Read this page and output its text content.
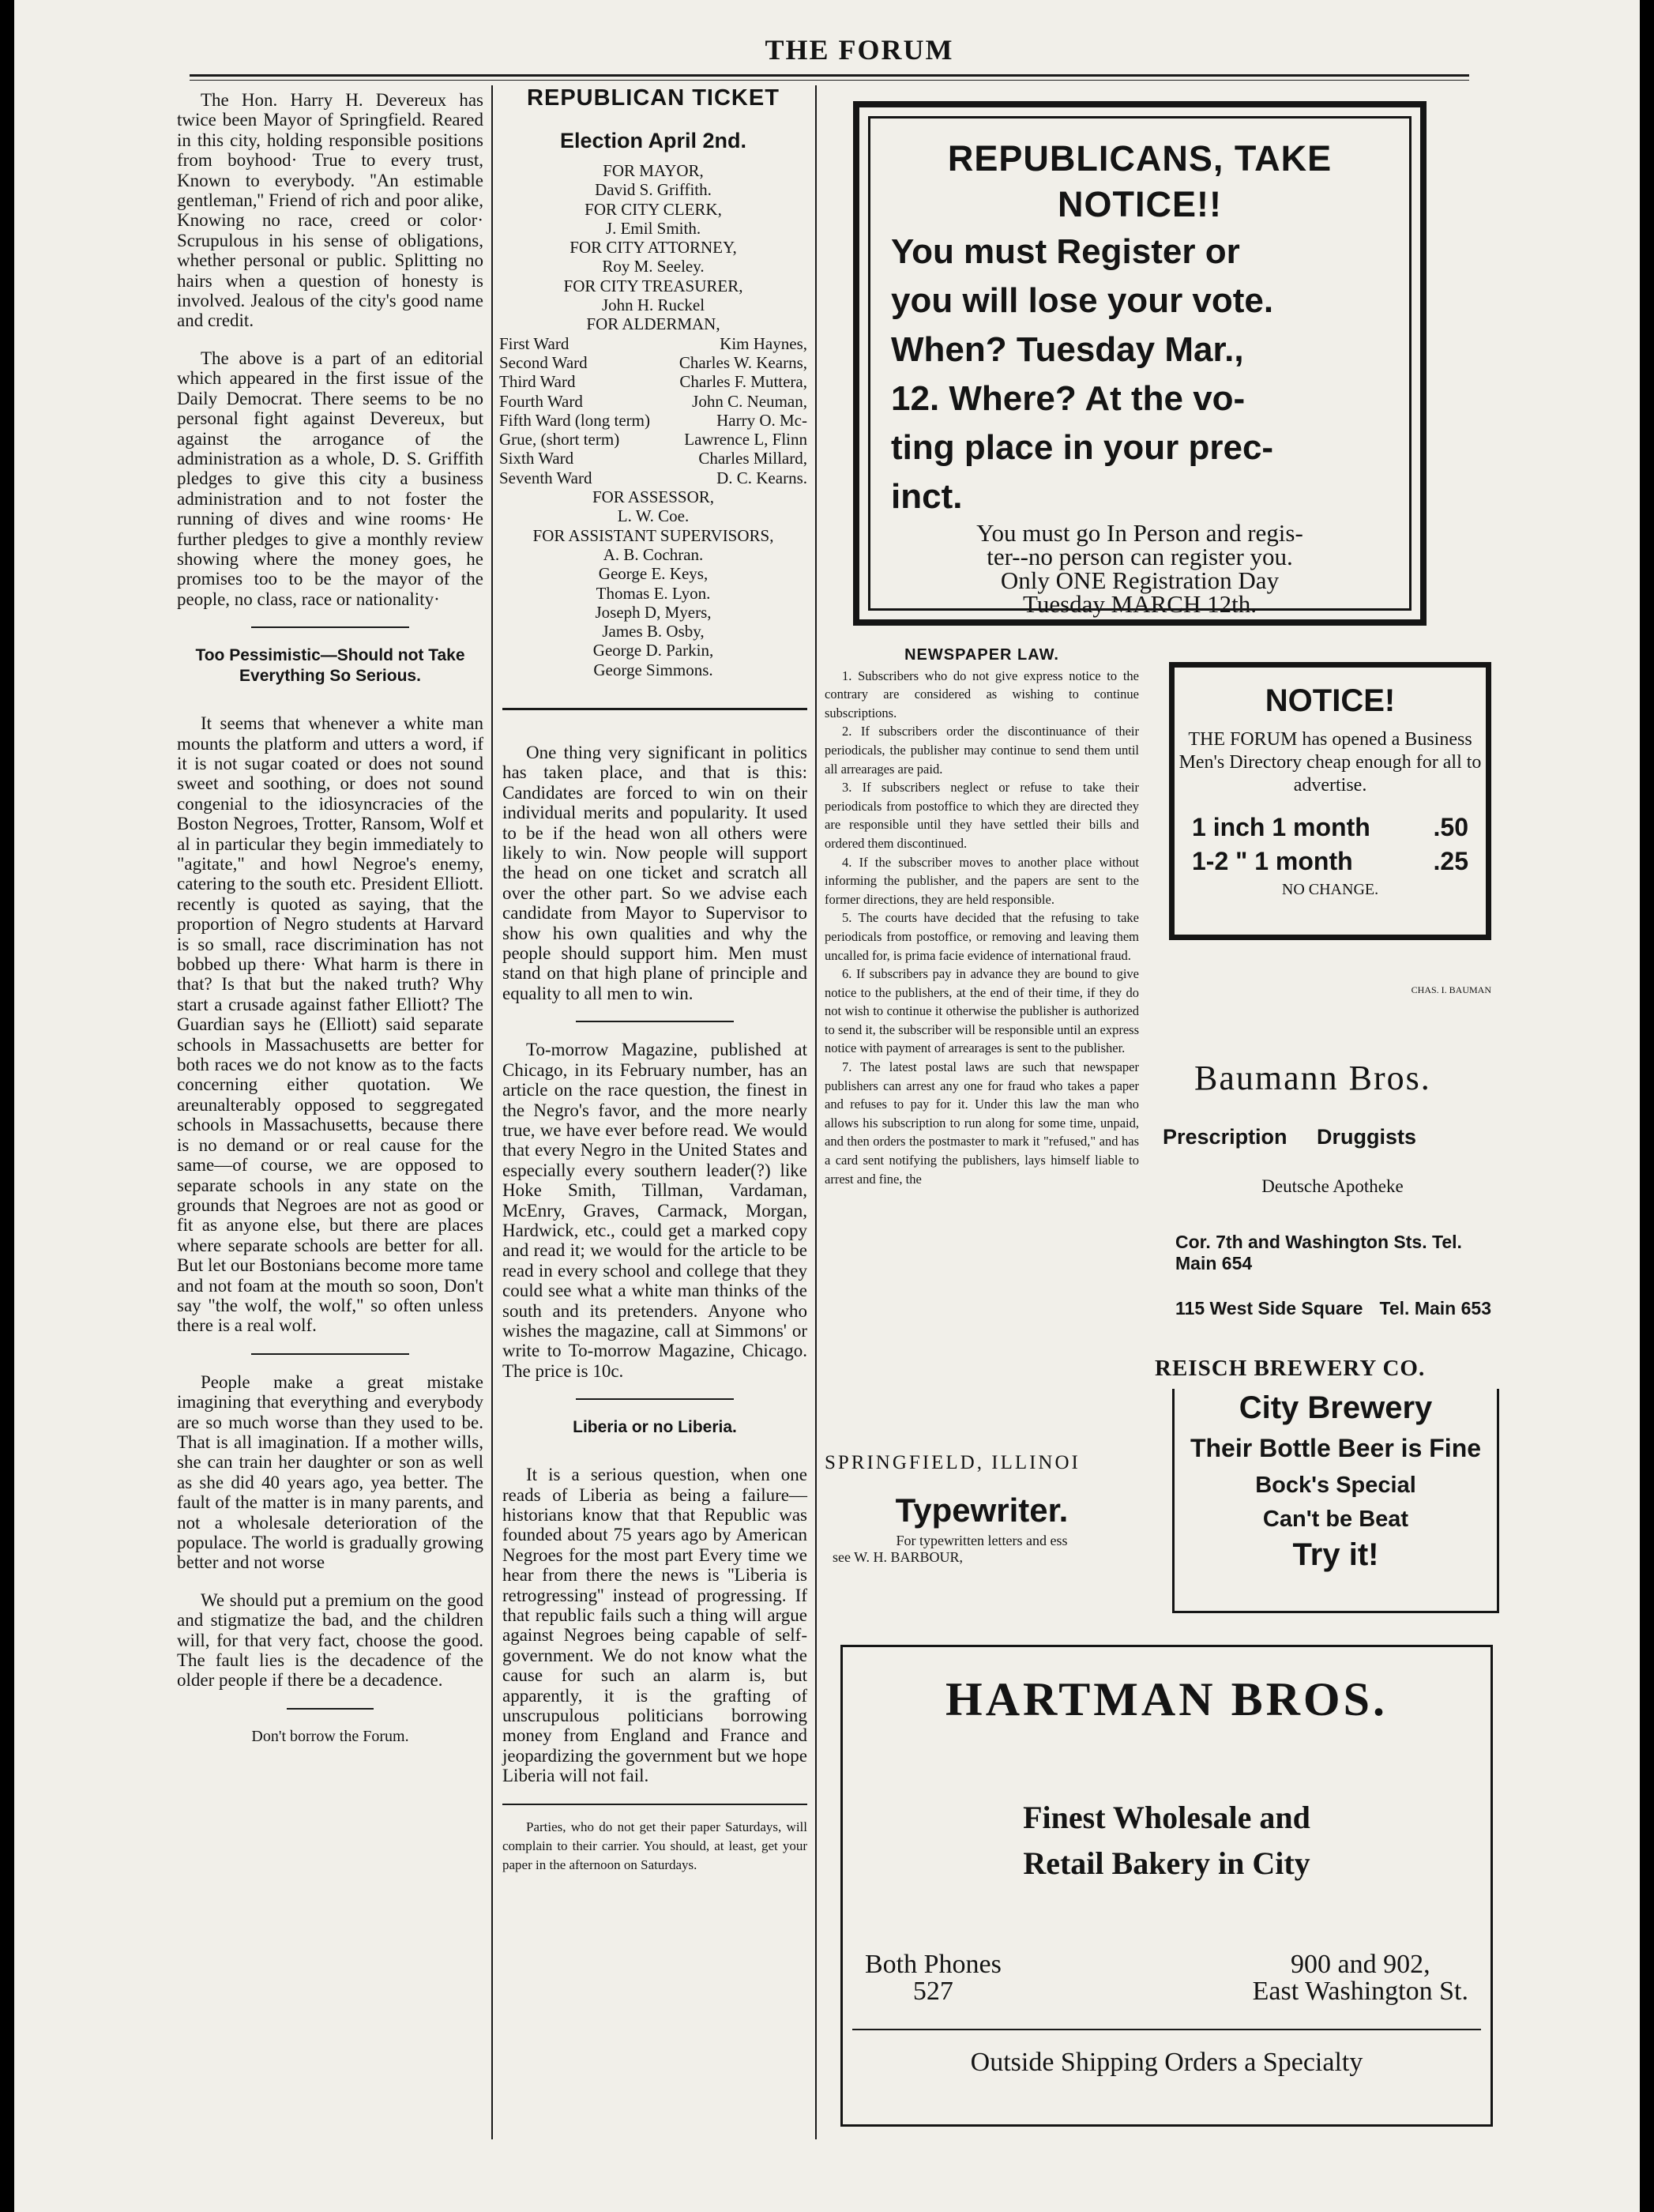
THE FORUM

The Hon. Harry H. Devereux has twice been Mayor of Springfield. Reared in this city, holding responsible positions from boyhood· True to every trust, Known to everybody. ''An estimable gentleman,'' Friend of rich and poor alike, Knowing no race, creed or color· Scrupulous in his sense of obligations, whether personal or public. Splitting no hairs when a question of honesty is involved. Jealous of the city's good name and credit.

The above is a part of an editorial which appeared in the first issue of the Daily Democrat. There seems to be no personal fight against Devereux, but against the arrogance of the administration as a whole, D. S. Griffith pledges to give this city a business administration and to not foster the running of dives and wine rooms· He further pledges to give a monthly review showing where the money goes, he promises too to be the mayor of the people, no class, race or nationality·

Too Pessimistic—Should not Take Everything So Serious.

It seems that whenever a white man mounts the platform and utters a word, if it is not sugar coated or does not sound sweet and soothing, or does not sound congenial to the idiosyncracies of the Boston Negroes, Trotter, Ransom, Wolf et al in particular they begin immediately to "agitate," and howl Negroe's enemy, catering to the south etc. President Elliott. recently is quoted as saying, that the proportion of Negro students at Harvard is so small, race discrimination has not bobbed up there· What harm is there in that? Is that but the naked truth? Why start a crusade against father Elliott? The Guardian says he (Elliott) said separate schools in Massachusetts are better for both races we do not know as to the facts concerning either quotation. We areunalterably opposed to seggregated schools in Massachusetts, because there is no demand or or real cause for the same—of course, we are opposed to separate schools in any state on the grounds that Negroes are not as good or fit as anyone else, but there are places where separate schools are better for all. But let our Bostonians become more tame and not foam at the mouth so soon, Don't say "the wolf, the wolf," so often unless there is a real wolf.

People make a great mistake imagining that everything and everybody are so much worse than they used to be. That is all imagination. If a mother wills, she can train her daughter or son as well as she did 40 years ago, yea better. The fault of the matter is in many parents, and not a wholesale deterioration of the populace. The world is gradually growing better and not worse

We should put a premium on the good and stigmatize the bad, and the children will, for that very fact, choose the good. The fault lies is the decadence of the older people if there be a decadence.

Don't borrow the Forum.
REPUBLICAN TICKET
Election April 2nd.
FOR MAYOR,
David S. Griffith.
FOR CITY CLERK,
J. Emil Smith.
FOR CITY ATTORNEY,
Roy M. Seeley.
FOR CITY TREASURER,
John H. Ruckel
FOR ALDERMAN,
First Ward	Kim Haynes,
Second Ward	Charles W. Kearns,
Third Ward	Charles F. Muttera,
Fourth Ward	John C. Neuman,
Fifth Ward (long term)	Harry O. Mc-
Grue, (short term)	Lawrence L, Flinn
Sixth Ward	Charles Millard,
Seventh Ward	D. C. Kearns.
FOR ASSESSOR,
L. W. Coe.
FOR ASSISTANT SUPERVISORS,
A. B. Cochran.
George E. Keys,
Thomas E. Lyon.
Joseph D, Myers,
James B. Osby,
George D. Parkin,
George Simmons.

One thing very significant in politics has taken place, and that is this: Candidates are forced to win on their individual merits and popularity. It used to be if the head won all others were likely to win. Now people will support the head on one ticket and scratch all over the other part. So we advise each candidate from Mayor to Supervisor to show his own qualities and why the people should support him. Men must stand on that high plane of principle and equality to all men to win.

To-morrow Magazine, published at Chicago, in its February number, has an article on the race question, the finest in the Negro's favor, and the more nearly true, we have ever before read. We would that every Negro in the United States and especially every southern leader(?) like Hoke Smith, Tillman, Vardaman, McEnry, Graves, Carmack, Morgan, Hardwick, etc., could get a marked copy and read it; we would for the article to be read in every school and college that they could see what a white man thinks of the south and its pretenders. Anyone who wishes the magazine, call at Simmons' or write to To-morrow Magazine, Chicago. The price is 10c.

Liberia or no Liberia.

It is a serious question, when one reads of Liberia as being a failure—historians know that that Republic was founded about 75 years ago by American Negroes for the most part Every time we hear from there the news is ''Liberia is retrogressing'' instead of progressing. If that republic fails such a thing will argue against Negroes being capable of self-government. We do not know what the cause for such an alarm is, but apparently, it is the grafting of unscrupulous politicians borrowing money from England and France and jeopardizing the government but we hope Liberia will not fail.

Parties, who do not get their paper Saturdays, will complain to their carrier. You should, at least, get your paper in the afternoon on Saturdays.

REPUBLICANS, TAKE
NOTICE!!
You must Register or
you will lose your vote.
When? Tuesday Mar.,
12. Where? At the vo-
ting place in your prec-
inct.
You must go In Person and regis-
ter--no person can register you.
Only ONE Registration Day
Tuesday MARCH 12th.
NEWSPAPER LAW.

1. Subscribers who do not give express notice to the contrary are considered as wishing to continue subscriptions.

2. If subscribers order the discontinuance of their periodicals, the publisher may continue to send them until all arrearages are paid.

3. If subscribers neglect or refuse to take their periodicals from postoffice to which they are directed they are responsible until they have settled their bills and ordered them discontinued.

4. If the subscriber moves to another place without informing the publisher, and the papers are sent to the former directions, they are held responsible.

5. The courts have decided that the refusing to take periodicals from postoffice, or removing and leaving them uncalled for, is prima facie evidence of international fraud.

6. If subscribers pay in advance they are bound to give notice to the publishers, at the end of their time, if they do not wish to continue it otherwise the publisher is authorized to send it, the subscriber will be responsible until an express notice with payment of arrearages is sent to the publisher.

7. The latest postal laws are such that newspaper publishers can arrest any one for fraud who takes a paper and refuses to pay for it. Under this law the man who allows his subscription to run along for some time, unpaid, and then orders the postmaster to mark it "refused," and has a card sent notifying the publishers, lays himself liable to arrest and fine, the

SPRINGFIELD, ILLINOI
Typewriter.
For typewritten letters and ess
see W. H. BARBOUR,
NOTICE!
THE FORUM has opened a Business Men's Directory cheap enough for all to advertise.
1 inch 1 month .50
1-2 " 1 month	.25
NO CHANGE.
CHAS. I. BAUMAN
Baumann Bros.
Prescription Druggists
Deutsche Apotheke
Cor. 7th and Washington Sts. Tel. Main 654
115 West Side Square Tel. Main 653
REISCH BREWERY CO.
City Brewery
Their Bottle Beer is Fine
Bock's Special
Can't be Beat
Try it!
HARTMAN BROS.
Finest Wholesale and
Retail Bakery in City
Both Phones
527
900 and 902,
East Washington St.
Outside Shipping Orders a Specialty
